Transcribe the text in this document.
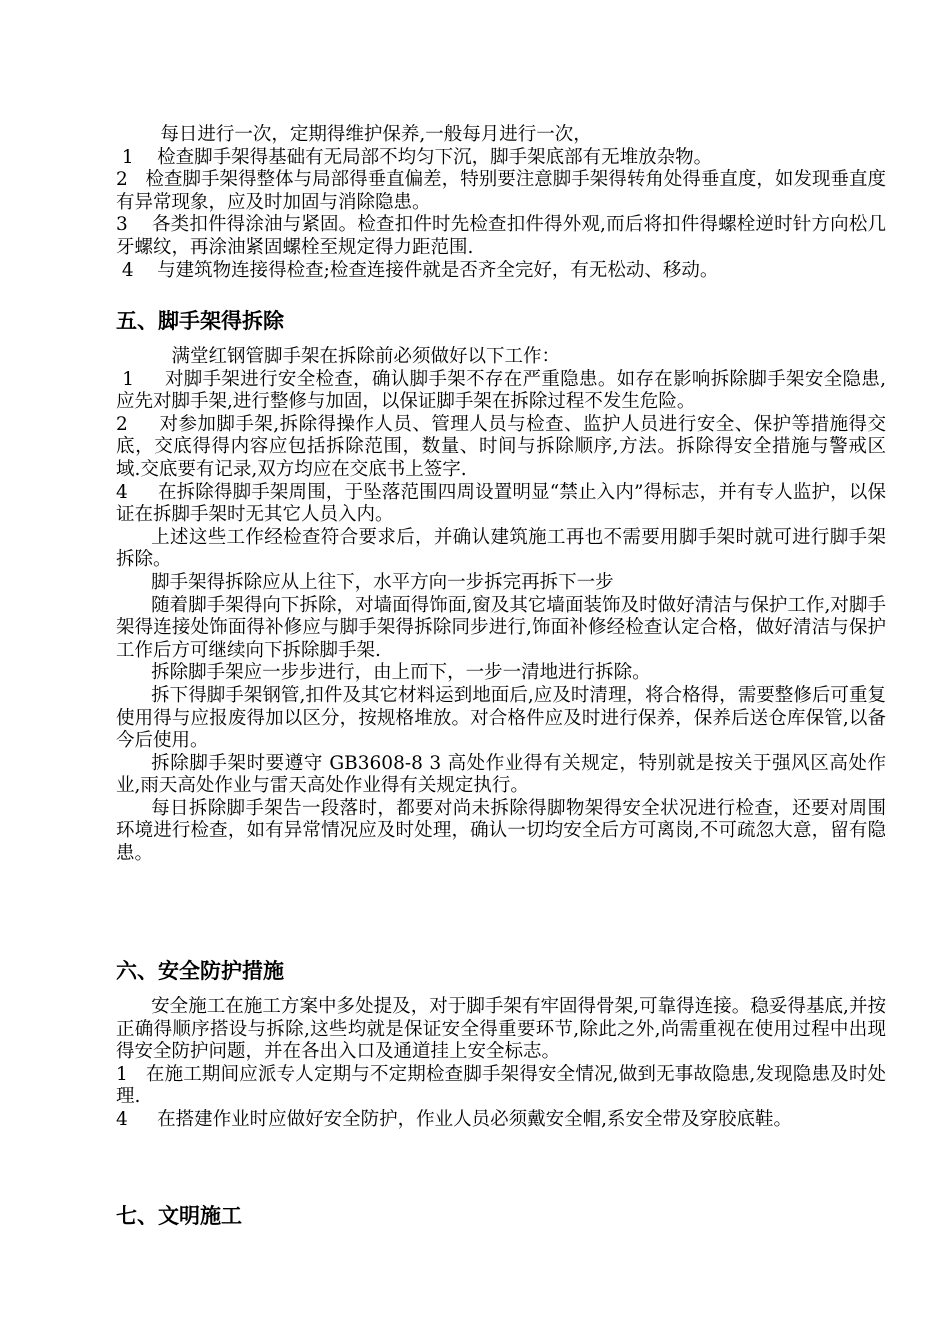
每日进行一次，定期得维护保养,一般每月进行一次，

1    检查脚手架得基础有无局部不均匀下沉，脚手架底部有无堆放杂物。

2   检查脚手架得整体与局部得垂直偏差，特别要注意脚手架得转角处得垂直度，如发现垂直度有异常现象，应及时加固与消除隐患。

3    各类扣件得涂油与紧固。检查扣件时先检查扣件得外观,而后将扣件得螺栓逆时针方向松几牙螺纹，再涂油紧固螺栓至规定得力距范围.

4    与建筑物连接得检查;检查连接件就是否齐全完好，有无松动、移动。

五、脚手架得拆除

满堂红钢管脚手架在拆除前必须做好以下工作：

1     对脚手架进行安全检查，确认脚手架不存在严重隐患。如存在影响拆除脚手架安全隐患,应先对脚手架,进行整修与加固，以保证脚手架在拆除过程不发生危险。

2     对参加脚手架,拆除得操作人员、管理人员与检查、监护人员进行安全、保护等措施得交底，交底得得内容应包括拆除范围，数量、时间与拆除顺序,方法。拆除得安全措施与警戒区域.交底要有记录,双方均应在交底书上签字.

4     在拆除得脚手架周围，于坠落范围四周设置明显“禁止入内”得标志，并有专人监护，以保证在拆脚手架时无其它人员入内。

上述这些工作经检查符合要求后，并确认建筑施工再也不需要用脚手架时就可进行脚手架拆除。

脚手架得拆除应从上往下，水平方向一步拆完再拆下一步

随着脚手架得向下拆除，对墙面得饰面,窗及其它墙面装饰及时做好清洁与保护工作,对脚手架得连接处饰面得补修应与脚手架得拆除同步进行,饰面补修经检查认定合格，做好清洁与保护工作后方可继续向下拆除脚手架.

拆除脚手架应一步步进行，由上而下，一步一清地进行拆除。

拆下得脚手架钢管,扣件及其它材料运到地面后,应及时清理，将合格得，需要整修后可重复使用得与应报废得加以区分，按规格堆放。对合格件应及时进行保养，保养后送仓库保管,以备今后使用。

拆除脚手架时要遵守 GB3608-8 3 高处作业得有关规定，特别就是按关于强风区高处作业,雨天高处作业与雷天高处作业得有关规定执行。

每日拆除脚手架告一段落时，都要对尚未拆除得脚物架得安全状况进行检查，还要对周围环境进行检查，如有异常情况应及时处理，确认一切均安全后方可离岗,不可疏忽大意，留有隐患。

六、安全防护措施

安全施工在施工方案中多处提及，对于脚手架有牢固得骨架,可靠得连接。稳妥得基底,并按正确得顺序搭设与拆除,这些均就是保证安全得重要环节,除此之外,尚需重视在使用过程中出现得安全防护问题，并在各出入口及通道挂上安全标志。

1   在施工期间应派专人定期与不定期检查脚手架得安全情况,做到无事故隐患,发现隐患及时处理.

4     在搭建作业时应做好安全防护，作业人员必须戴安全帽,系安全带及穿胶底鞋。

七、文明施工
